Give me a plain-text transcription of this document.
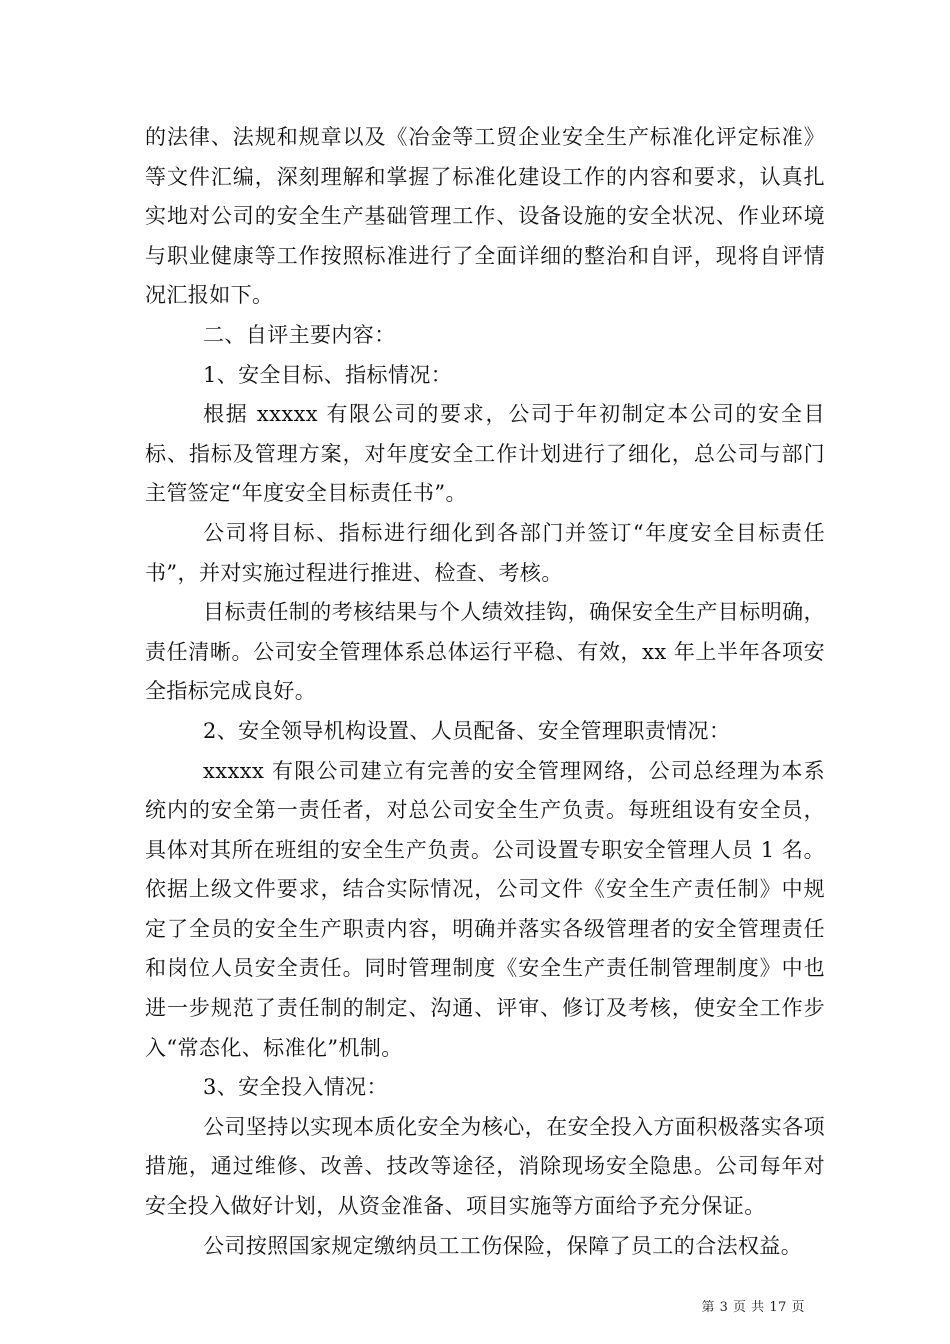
的法律、法规和规章以及《冶金等工贸企业安全生产标准化评定标准》等文件汇编，深刻理解和掌握了标准化建设工作的内容和要求，认真扎实地对公司的安全生产基础管理工作、设备设施的安全状况、作业环境与职业健康等工作按照标准进行了全面详细的整治和自评，现将自评情况汇报如下。

二、自评主要内容：

1、安全目标、指标情况：

根据 xxxxx 有限公司的要求，公司于年初制定本公司的安全目标、指标及管理方案，对年度安全工作计划进行了细化，总公司与部门主管签定“年度安全目标责任书”。

公司将目标、指标进行细化到各部门并签订“年度安全目标责任书”，并对实施过程进行推进、检查、考核。

目标责任制的考核结果与个人绩效挂钩，确保安全生产目标明确，责任清晰。公司安全管理体系总体运行平稳、有效，xx 年上半年各项安全指标完成良好。

2、安全领导机构设置、人员配备、安全管理职责情况：

xxxxx 有限公司建立有完善的安全管理网络，公司总经理为本系统内的安全第一责任者，对总公司安全生产负责。每班组设有安全员，具体对其所在班组的安全生产负责。公司设置专职安全管理人员 1 名。依据上级文件要求，结合实际情况，公司文件《安全生产责任制》中规定了全员的安全生产职责内容，明确并落实各级管理者的安全管理责任和岗位人员安全责任。同时管理制度《安全生产责任制管理制度》中也进一步规范了责任制的制定、沟通、评审、修订及考核，使安全工作步入“常态化、标准化”机制。

3、安全投入情况：

公司坚持以实现本质化安全为核心，在安全投入方面积极落实各项措施，通过维修、改善、技改等途径，消除现场安全隐患。公司每年对安全投入做好计划，从资金准备、项目实施等方面给予充分保证。

公司按照国家规定缴纳员工工伤保险，保障了员工的合法权益。

第 3 页 共 17 页
